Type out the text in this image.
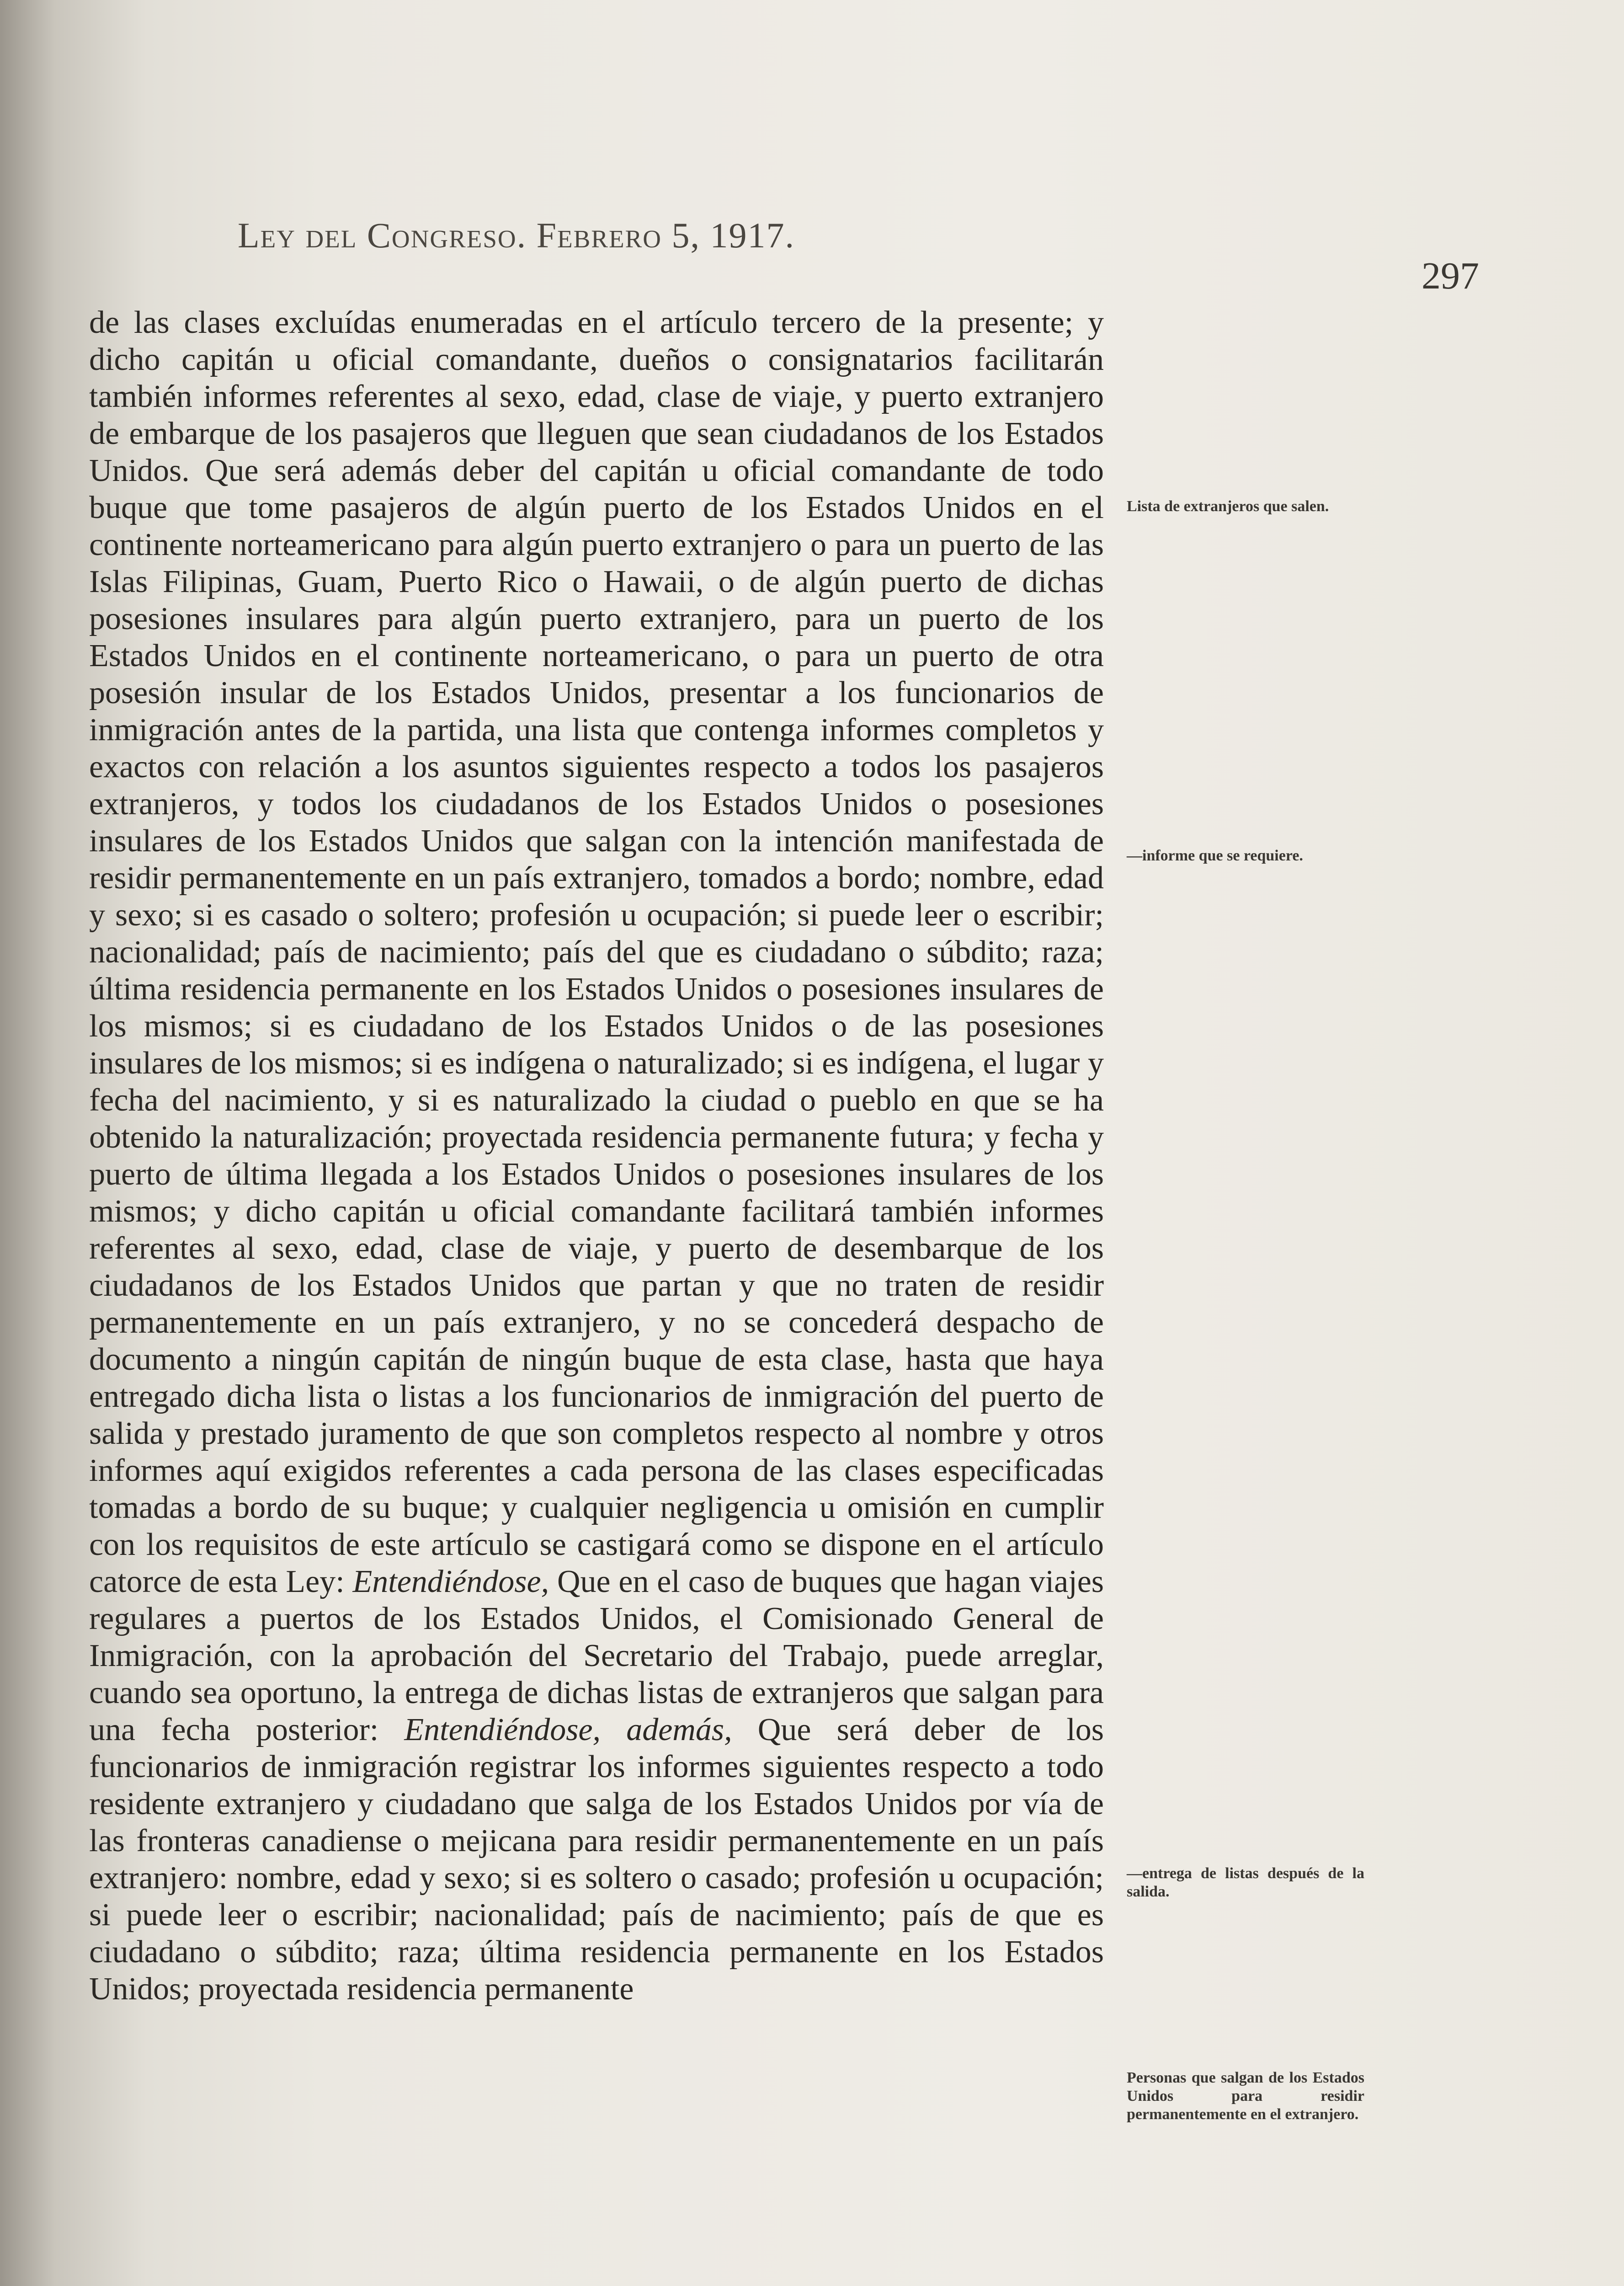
Ley del Congreso. Febrero 5, 1917.
297

de las clases excluídas enumeradas en el artículo tercero de la presente; y dicho capitán u oficial comandante, dueños o consignatarios facilitarán también informes referentes al sexo, edad, clase de viaje, y puerto extranjero de embarque de los pasajeros que lleguen que sean ciudadanos de los Estados Unidos. Que será además deber del capitán u oficial comandante de todo buque que tome pasajeros de algún puerto de los Estados Unidos en el continente norteamericano para algún puerto extranjero o para un puerto de las Islas Filipinas, Guam, Puerto Rico o Hawaii, o de algún puerto de dichas posesiones insulares para algún puerto extranjero, para un puerto de los Estados Unidos en el continente norteamericano, o para un puerto de otra posesión insular de los Estados Unidos, presentar a los funcionarios de inmigración antes de la partida, una lista que contenga informes completos y exactos con relación a los asuntos siguientes respecto a todos los pasajeros extranjeros, y todos los ciudadanos de los Estados Unidos o posesiones insulares de los Estados Unidos que salgan con la intención manifestada de residir permanentemente en un país extranjero, tomados a bordo; nombre, edad y sexo; si es casado o soltero; profesión u ocupación; si puede leer o escribir; nacionalidad; país de nacimiento; país del que es ciudadano o súbdito; raza; última residencia permanente en los Estados Unidos o posesiones insulares de los mismos; si es ciudadano de los Estados Unidos o de las posesiones insulares de los mismos; si es indígena o naturalizado; si es indígena, el lugar y fecha del nacimiento, y si es naturalizado la ciudad o pueblo en que se ha obtenido la naturalización; proyectada residencia permanente futura; y fecha y puerto de última llegada a los Estados Unidos o posesiones insulares de los mismos; y dicho capitán u oficial comandante facilitará también informes referentes al sexo, edad, clase de viaje, y puerto de desembarque de los ciudadanos de los Estados Unidos que partan y que no traten de residir permanentemente en un país extranjero, y no se concederá despacho de documento a ningún capitán de ningún buque de esta clase, hasta que haya entregado dicha lista o listas a los funcionarios de inmigración del puerto de salida y prestado juramento de que son completos respecto al nombre y otros informes aquí exigidos referentes a cada persona de las clases especificadas tomadas a bordo de su buque; y cualquier negligencia u omisión en cumplir con los requisitos de este artículo se castigará como se dispone en el artículo catorce de esta Ley: Entendiéndose, Que en el caso de buques que hagan viajes regulares a puertos de los Estados Unidos, el Comisionado General de Inmigración, con la aprobación del Secretario del Trabajo, puede arreglar, cuando sea oportuno, la entrega de dichas listas de extranjeros que salgan para una fecha posterior: Entendiéndose, además, Que será deber de los funcionarios de inmigración registrar los informes siguientes respecto a todo residente extranjero y ciudadano que salga de los Estados Unidos por vía de las fronteras canadiense o mejicana para residir permanentemente en un país extranjero: nombre, edad y sexo; si es soltero o casado; profesión u ocupación; si puede leer o escribir; nacionalidad; país de nacimiento; país de que es ciudadano o súbdito; raza; última residencia permanente en los Estados Unidos; proyectada residencia permanente

Lista de extranjeros que salen.
—informe que se requiere.
—entrega de listas después de la salida.
Personas que salgan de los Estados Unidos para residir permanentemente en el extranjero.
